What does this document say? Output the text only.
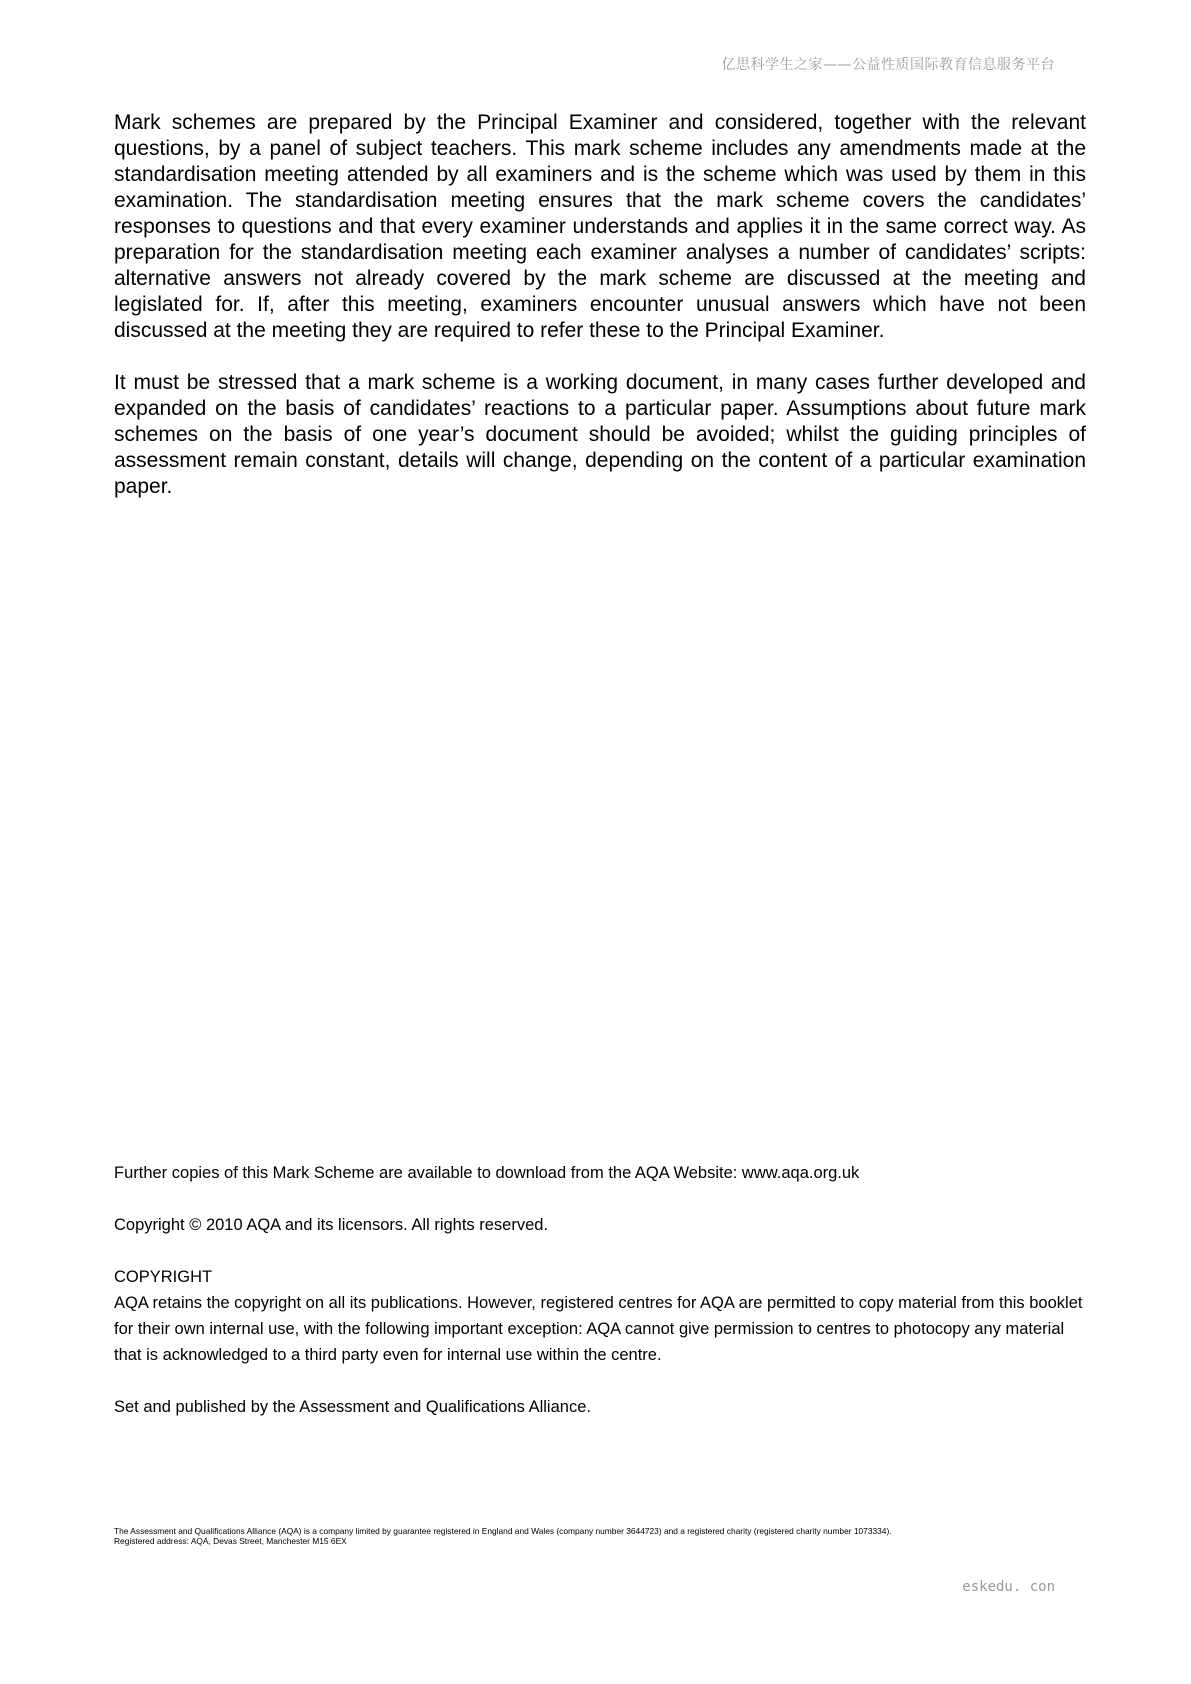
亿思科学生之家——公益性质国际教育信息服务平台

Mark schemes are prepared by the Principal Examiner and considered, together with the relevant questions, by a panel of subject teachers. This mark scheme includes any amendments made at the standardisation meeting attended by all examiners and is the scheme which was used by them in this examination. The standardisation meeting ensures that the mark scheme covers the candidates’ responses to questions and that every examiner understands and applies it in the same correct way. As preparation for the standardisation meeting each examiner analyses a number of candidates’ scripts: alternative answers not already covered by the mark scheme are discussed at the meeting and legislated for. If, after this meeting, examiners encounter unusual answers which have not been discussed at the meeting they are required to refer these to the Principal Examiner.

It must be stressed that a mark scheme is a working document, in many cases further developed and expanded on the basis of candidates’ reactions to a particular paper. Assumptions about future mark schemes on the basis of one year’s document should be avoided; whilst the guiding principles of assessment remain constant, details will change, depending on the content of a particular examination paper.

Further copies of this Mark Scheme are available to download from the AQA Website: www.aqa.org.uk

Copyright © 2010 AQA and its licensors. All rights reserved.

COPYRIGHT

AQA retains the copyright on all its publications. However, registered centres for AQA are permitted to copy material from this booklet for their own internal use, with the following important exception: AQA cannot give permission to centres to photocopy any material that is acknowledged to a third party even for internal use within the centre.

Set and published by the Assessment and Qualifications Alliance.

The Assessment and Qualifications Alliance (AQA) is a company limited by guarantee registered in England and Wales (company number 3644723) and a registered charity (registered charity number 1073334).
Registered address: AQA, Devas Street, Manchester M15 6EX
eskedu. con
